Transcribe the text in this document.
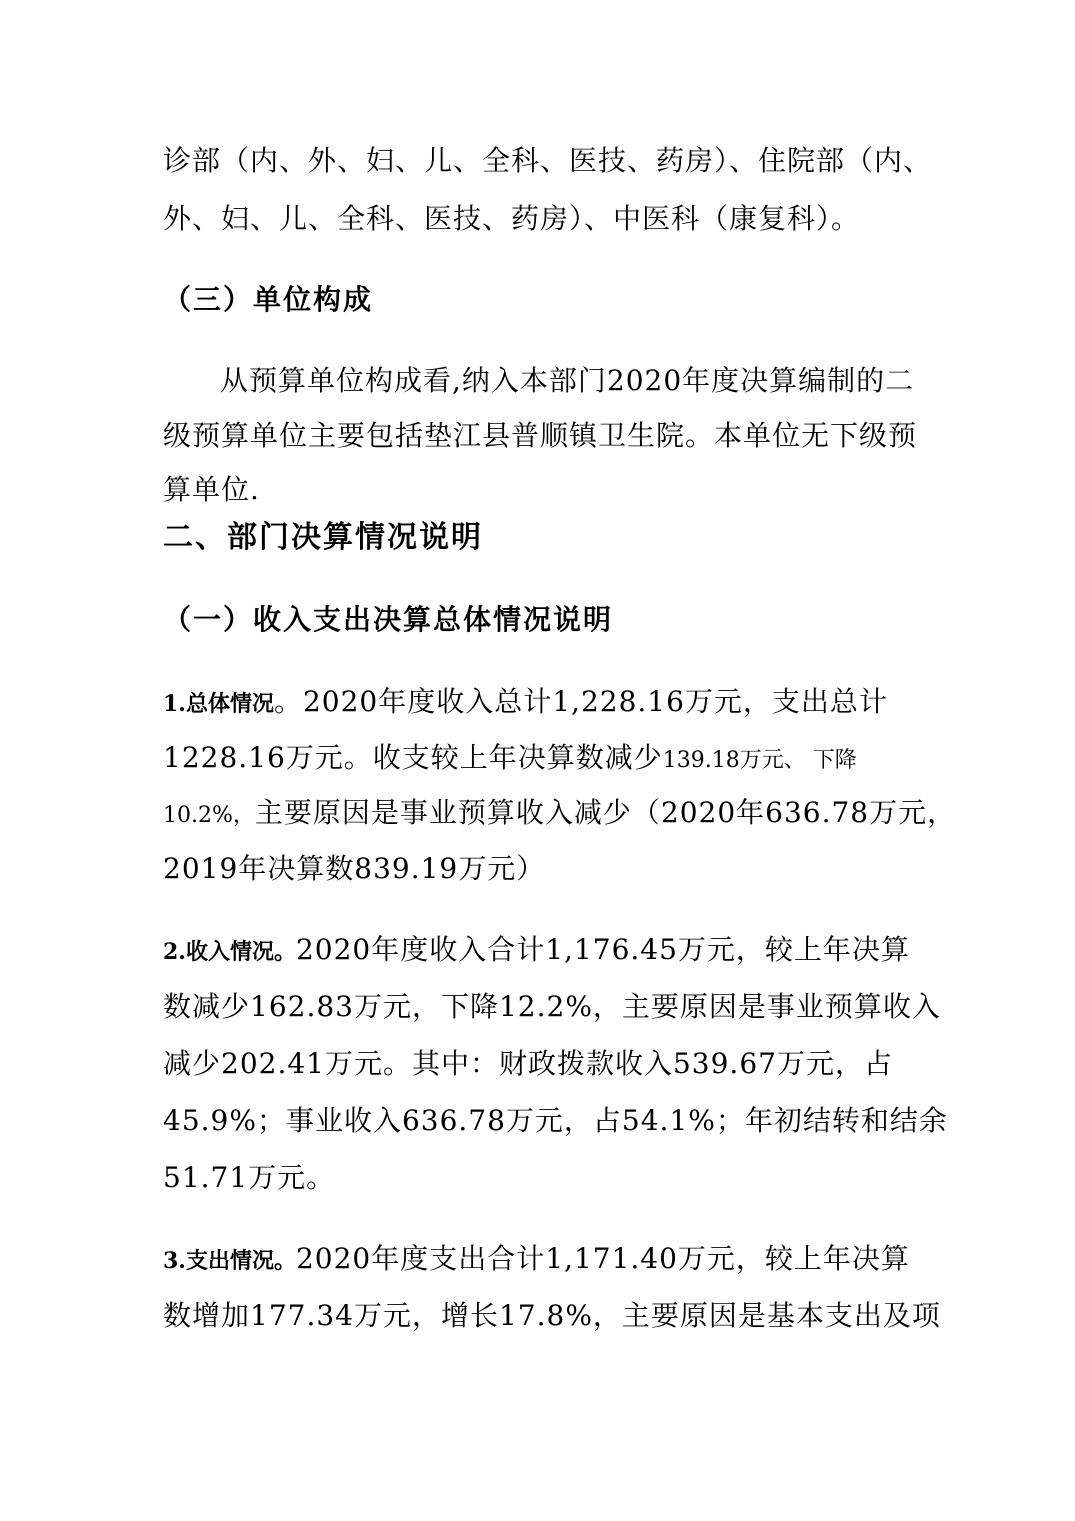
诊部（内、外、妇、儿、全科、医技、药房）、住院部（内、
外、妇、儿、全科、医技、药房）、中医科（康复科）。
（三）单位构成
从预算单位构成看,纳入本部门2020年度决算编制的二
级预算单位主要包括垫江县普顺镇卫生院。本单位无下级预
算单位.
二、部门决算情况说明
（一）收入支出决算总体情况说明
1.总体情况。2020年度收入总计1,228.16万元，支出总计
1228.16万元。收支较上年决算数减少139.18万元、 下降
10.2%，主要原因是事业预算收入减少（2020年636.78万元，
2019年决算数839.19万元）
2.收入情况。2020年度收入合计1,176.45万元，较上年决算
数减少162.83万元，下降12.2%，主要原因是事业预算收入
减少202.41万元。其中：财政拨款收入539.67万元，占
45.9%；事业收入636.78万元，占54.1%；年初结转和结余
51.71万元。
3.支出情况。2020年度支出合计1,171.40万元，较上年决算
数增加177.34万元，增长17.8%，主要原因是基本支出及项
